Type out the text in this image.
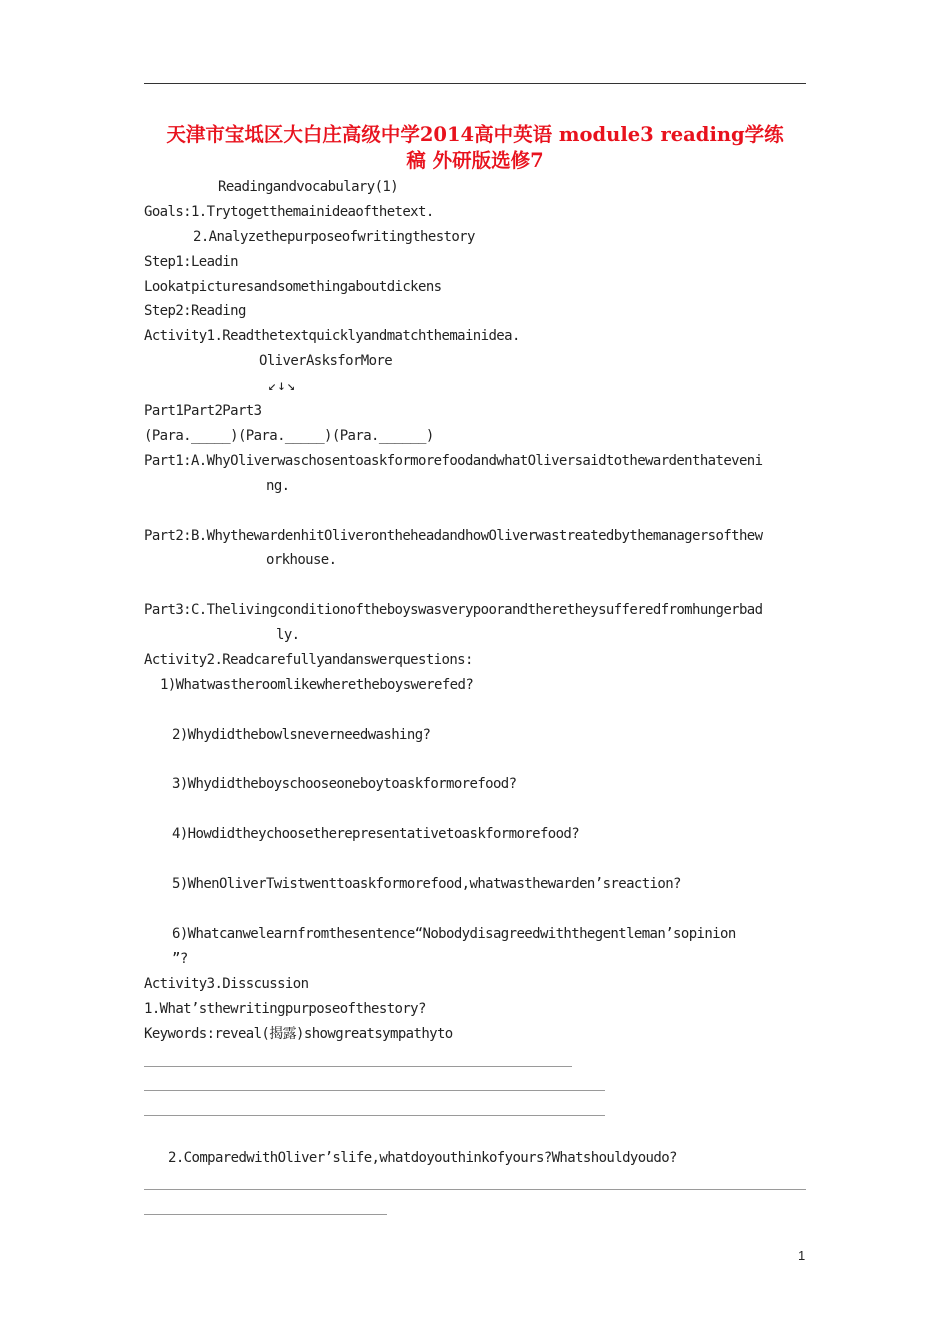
天津市宝坻区大白庄高级中学2014高中英语 module3 reading学练
稿 外研版选修7
Readingandvocabulary(1)
Goals:1.Trytogetthemainideaofthetext.
2.Analyzethepurposeofwritingthestory
Step1:Leadin
Lookatpicturesandsomethingaboutdickens
Step2:Reading
Activity1.Readthetextquicklyandmatchthemainidea.
OliverAsksforMore
↙↓↘
Part1Part2Part3
(Para._____)(Para._____)(Para.______)
Part1:A.WhyOliverwaschosentoaskformorefoodandwhatOliversaidtothewardenthateveni
ng.
Part2:B.WhythewardenhitOliverontheheadandhowOliverwastreatedbythemanagersofthew
orkhouse.
Part3:C.Thelivingconditionoftheboyswasverypoorandtheretheysufferedfromhungerbad
ly.
Activity2.Readcarefullyandanswerquestions:
1)Whatwastheroomlikewheretheboyswerefed?
2)Whydidthebowlsneverneedwashing?
3)Whydidtheboyschooseoneboytoaskformorefood?
4)Howdidtheychoosetherepresentativetoaskformorefood?
5)WhenOliverTwistwenttoaskformorefood,whatwasthewarden’sreaction?
6)Whatcanwelearnfromthesentence“Nobodydisagreedwiththegentleman’sopinion
”?
Activity3.Disscussion
1.What’sthewritingpurposeofthestory?
Keywords:reveal(揭露)showgreatsympathyto
2.ComparedwithOliver’slife,whatdoyouthinkofyours?Whatshouldyoudo?
1
